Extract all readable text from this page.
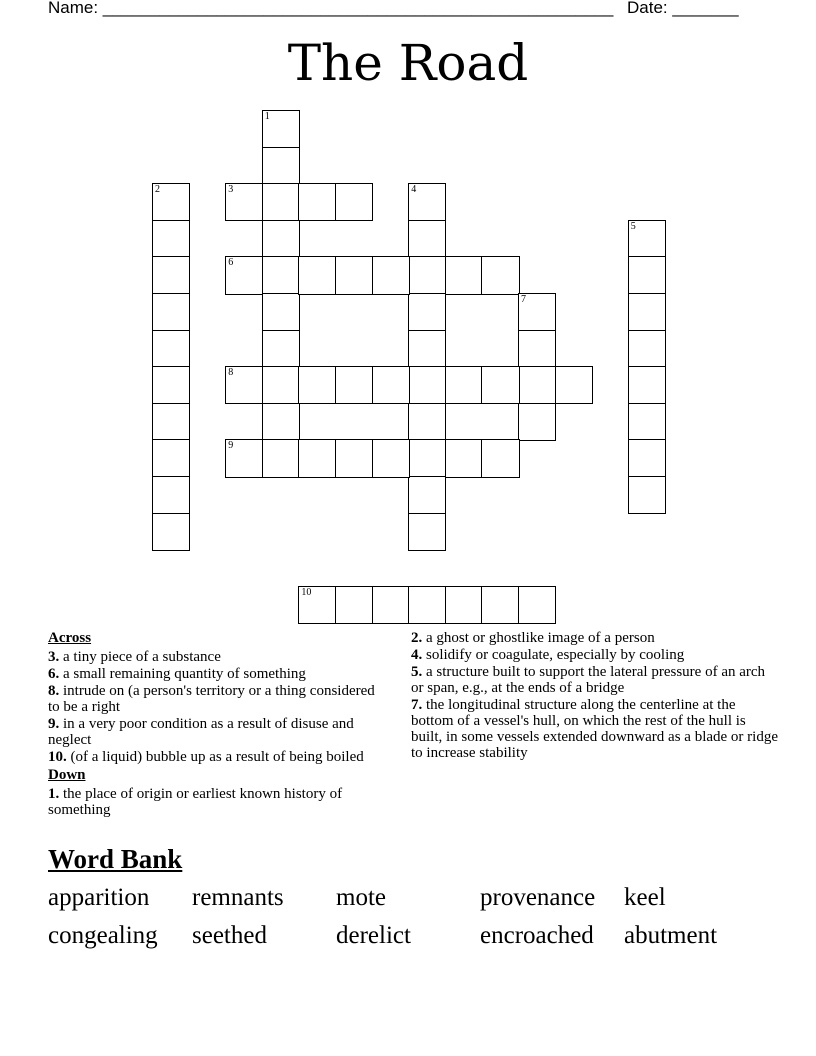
Name: ______________________________________________________ Date: _______
The Road
1
2	3	4
5
6
7
8
9
10
Across
3. a tiny piece of a substance
6. a small remaining quantity of something
8. intrude on (a person's territory or a thing considered to be a right
9. in a very poor condition as a result of disuse and neglect
10. (of a liquid) bubble up as a result of being boiled
Down
1. the place of origin or earliest known history of something
2. a ghost or ghostlike image of a person
4. solidify or coagulate, especially by cooling
5. a structure built to support the lateral pressure of an arch or span, e.g., at the ends of a bridge
7. the longitudinal structure along the centerline at the bottom of a vessel's hull, on which the rest of the hull is built, in some vessels extended downward as a blade or ridge to increase stability
Word Bank
apparition	remnants	mote	provenance	keel
congealing	seethed	derelict	encroached	abutment
